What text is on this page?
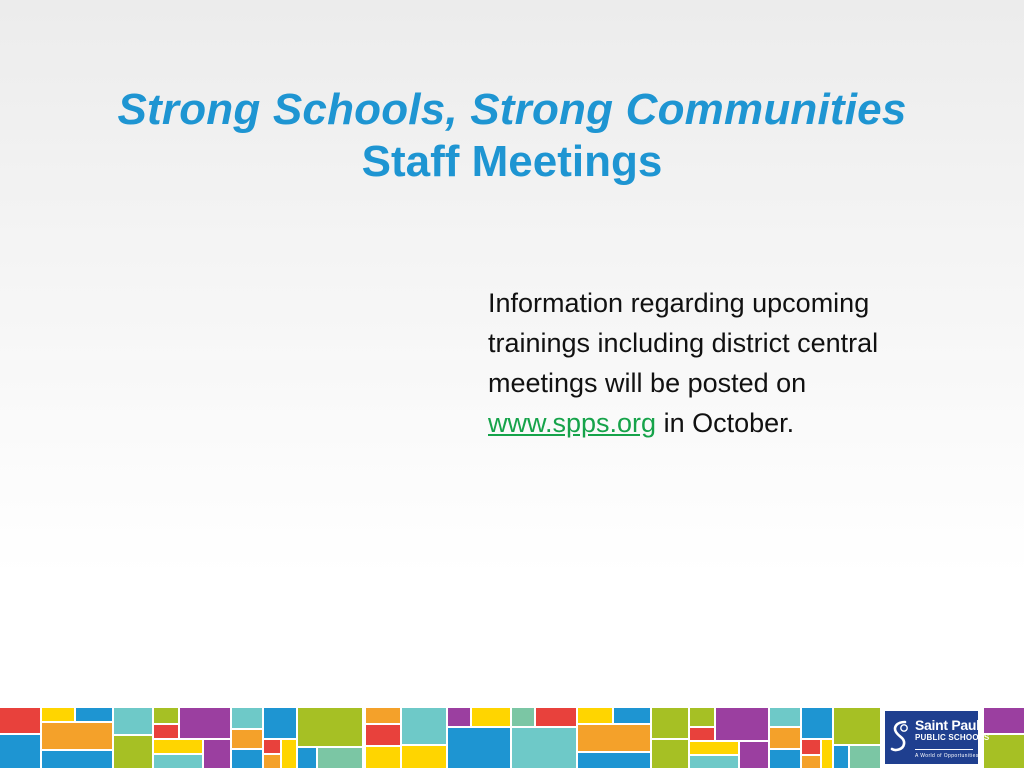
Strong Schools, Strong Communities
Staff Meetings
Information regarding upcoming trainings including district central meetings will be posted on www.spps.org in October.
Saint Paul
PUBLIC SCHOOLS
A World of Opportunities
